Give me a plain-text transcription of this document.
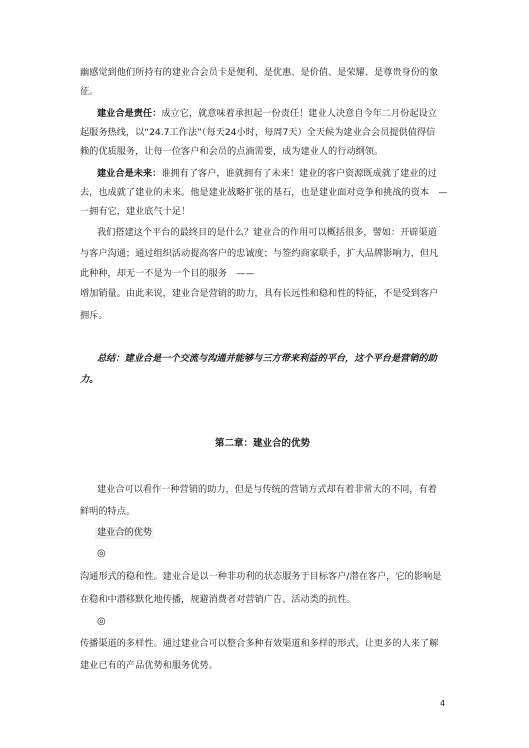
幽感觉到他们所持有的建业合会员卡是便利、是优惠、是价值、是荣耀、是尊贵身份的象
征。
建业合是责任：成立它，就意味着承担起一份责任！建业人决意自今年二月份起设立
起服务热线，以“24.7工作法”（每天24小时，每周7天）全天候为建业合会员提供值得信
赖的优质服务，让每一位客户和会员的点滴需要，成为建业人的行动纲领。
建业合是未来：谁拥有了客户，谁就拥有了未来！建业的客户资源既成就了建业的过
去，也成就了建业的未来。他是建业战略扩张的基石，也是建业面对竞争和挑战的资本　—
一拥有它，建业底气十足！
我们搭建这个平台的最终目的是什么？建业合的作用可以概括很多，譬如：开辟渠道
与客户沟通；通过组织活动提高客户的忠诚度；与签约商家联手，扩大品牌影响力，但凡
此种种，却无一不是为一个目的服务　——
增加销量。由此来说，建业合是营销的助力，具有长远性和稳和性的特征，不是受到客户
拥斥。
总结：建业合是一个交流与沟通并能够与三方带来利益的平台，这个平台是营销的助
力。
第二章：建业合的优势
建业合可以看作一种营销的助力，但是与传统的营销方式却有着非常大的不同，有着
鲜明的特点。
建业合的优势
◎
沟通形式的稳和性。建业合是以一种非功利的状态服务于目标客户/潜在客户，它的影响是
在稳和中潜移默化地传播，规避消费者对营销广告、活动类的抗性。
◎
传播渠道的多样性。通过建业合可以整合多种有效渠道和多样的形式，让更多的人来了解
建业已有的产品优势和服务优势。
4
